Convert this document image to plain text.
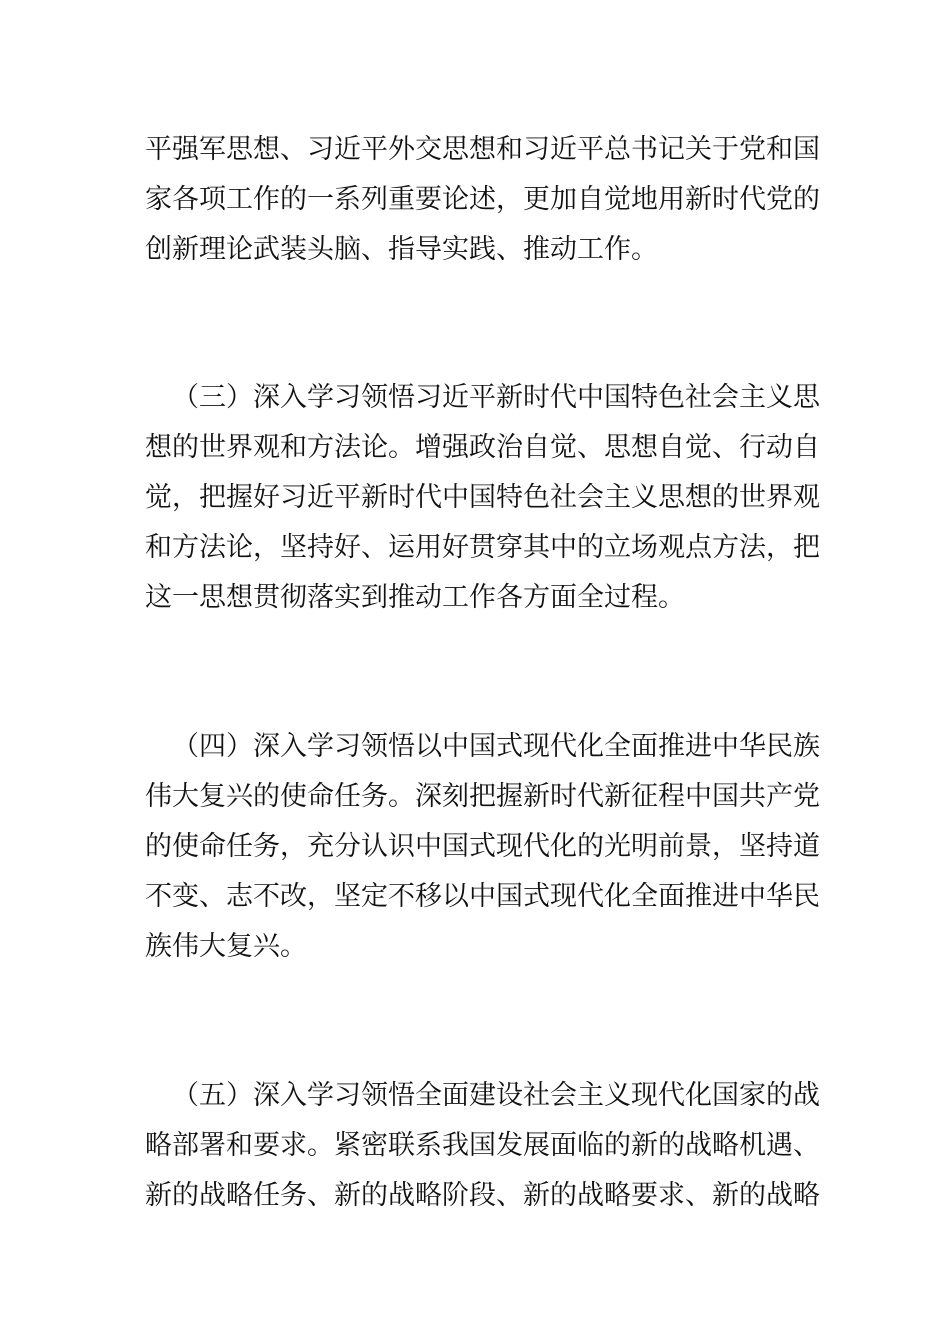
平强军思想、习近平外交思想和习近平总书记关于党和国
家各项工作的一系列重要论述，更加自觉地用新时代党的
创新理论武装头脑、指导实践、推动工作。
（三）深入学习领悟习近平新时代中国特色社会主义思
想的世界观和方法论。增强政治自觉、思想自觉、行动自
觉，把握好习近平新时代中国特色社会主义思想的世界观
和方法论，坚持好、运用好贯穿其中的立场观点方法，把
这一思想贯彻落实到推动工作各方面全过程。
（四）深入学习领悟以中国式现代化全面推进中华民族
伟大复兴的使命任务。深刻把握新时代新征程中国共产党
的使命任务，充分认识中国式现代化的光明前景，坚持道
不变、志不改，坚定不移以中国式现代化全面推进中华民
族伟大复兴。
（五）深入学习领悟全面建设社会主义现代化国家的战
略部署和要求。紧密联系我国发展面临的新的战略机遇、
新的战略任务、新的战略阶段、新的战略要求、新的战略
